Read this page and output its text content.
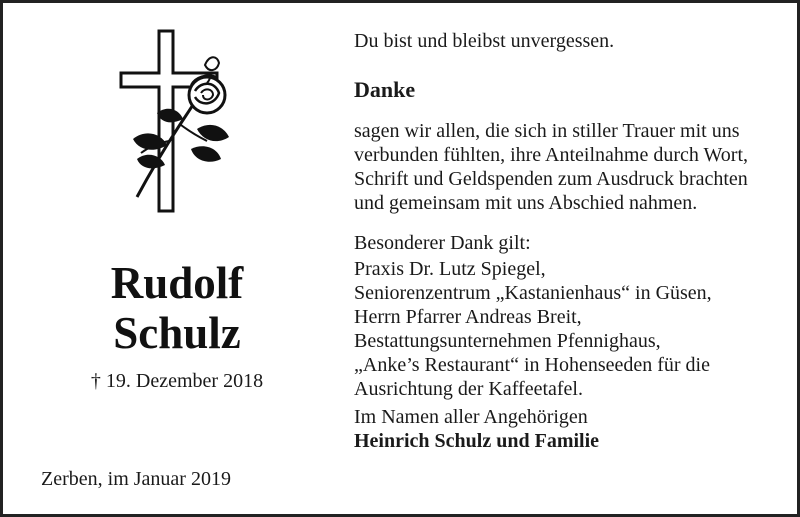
Rudolf
Schulz
† 19. Dezember 2018
Zerben, im Januar 2019
Du bist und bleibst unvergessen.
Danke
sagen wir allen, die sich in stiller Trauer mit uns
verbunden fühlten, ihre Anteilnahme durch Wort,
Schrift und Geldspenden zum Ausdruck brachten
und gemeinsam mit uns Abschied nahmen.
Besonderer Dank gilt:
Praxis Dr. Lutz Spiegel,
Seniorenzentrum „Kastanienhaus“ in Güsen,
Herrn Pfarrer Andreas Breit,
Bestattungsunternehmen Pfennighaus,
„Anke’s Restaurant“ in Hohenseeden für die
Ausrichtung der Kaffeetafel.
Im Namen aller Angehörigen
Heinrich Schulz und Familie
